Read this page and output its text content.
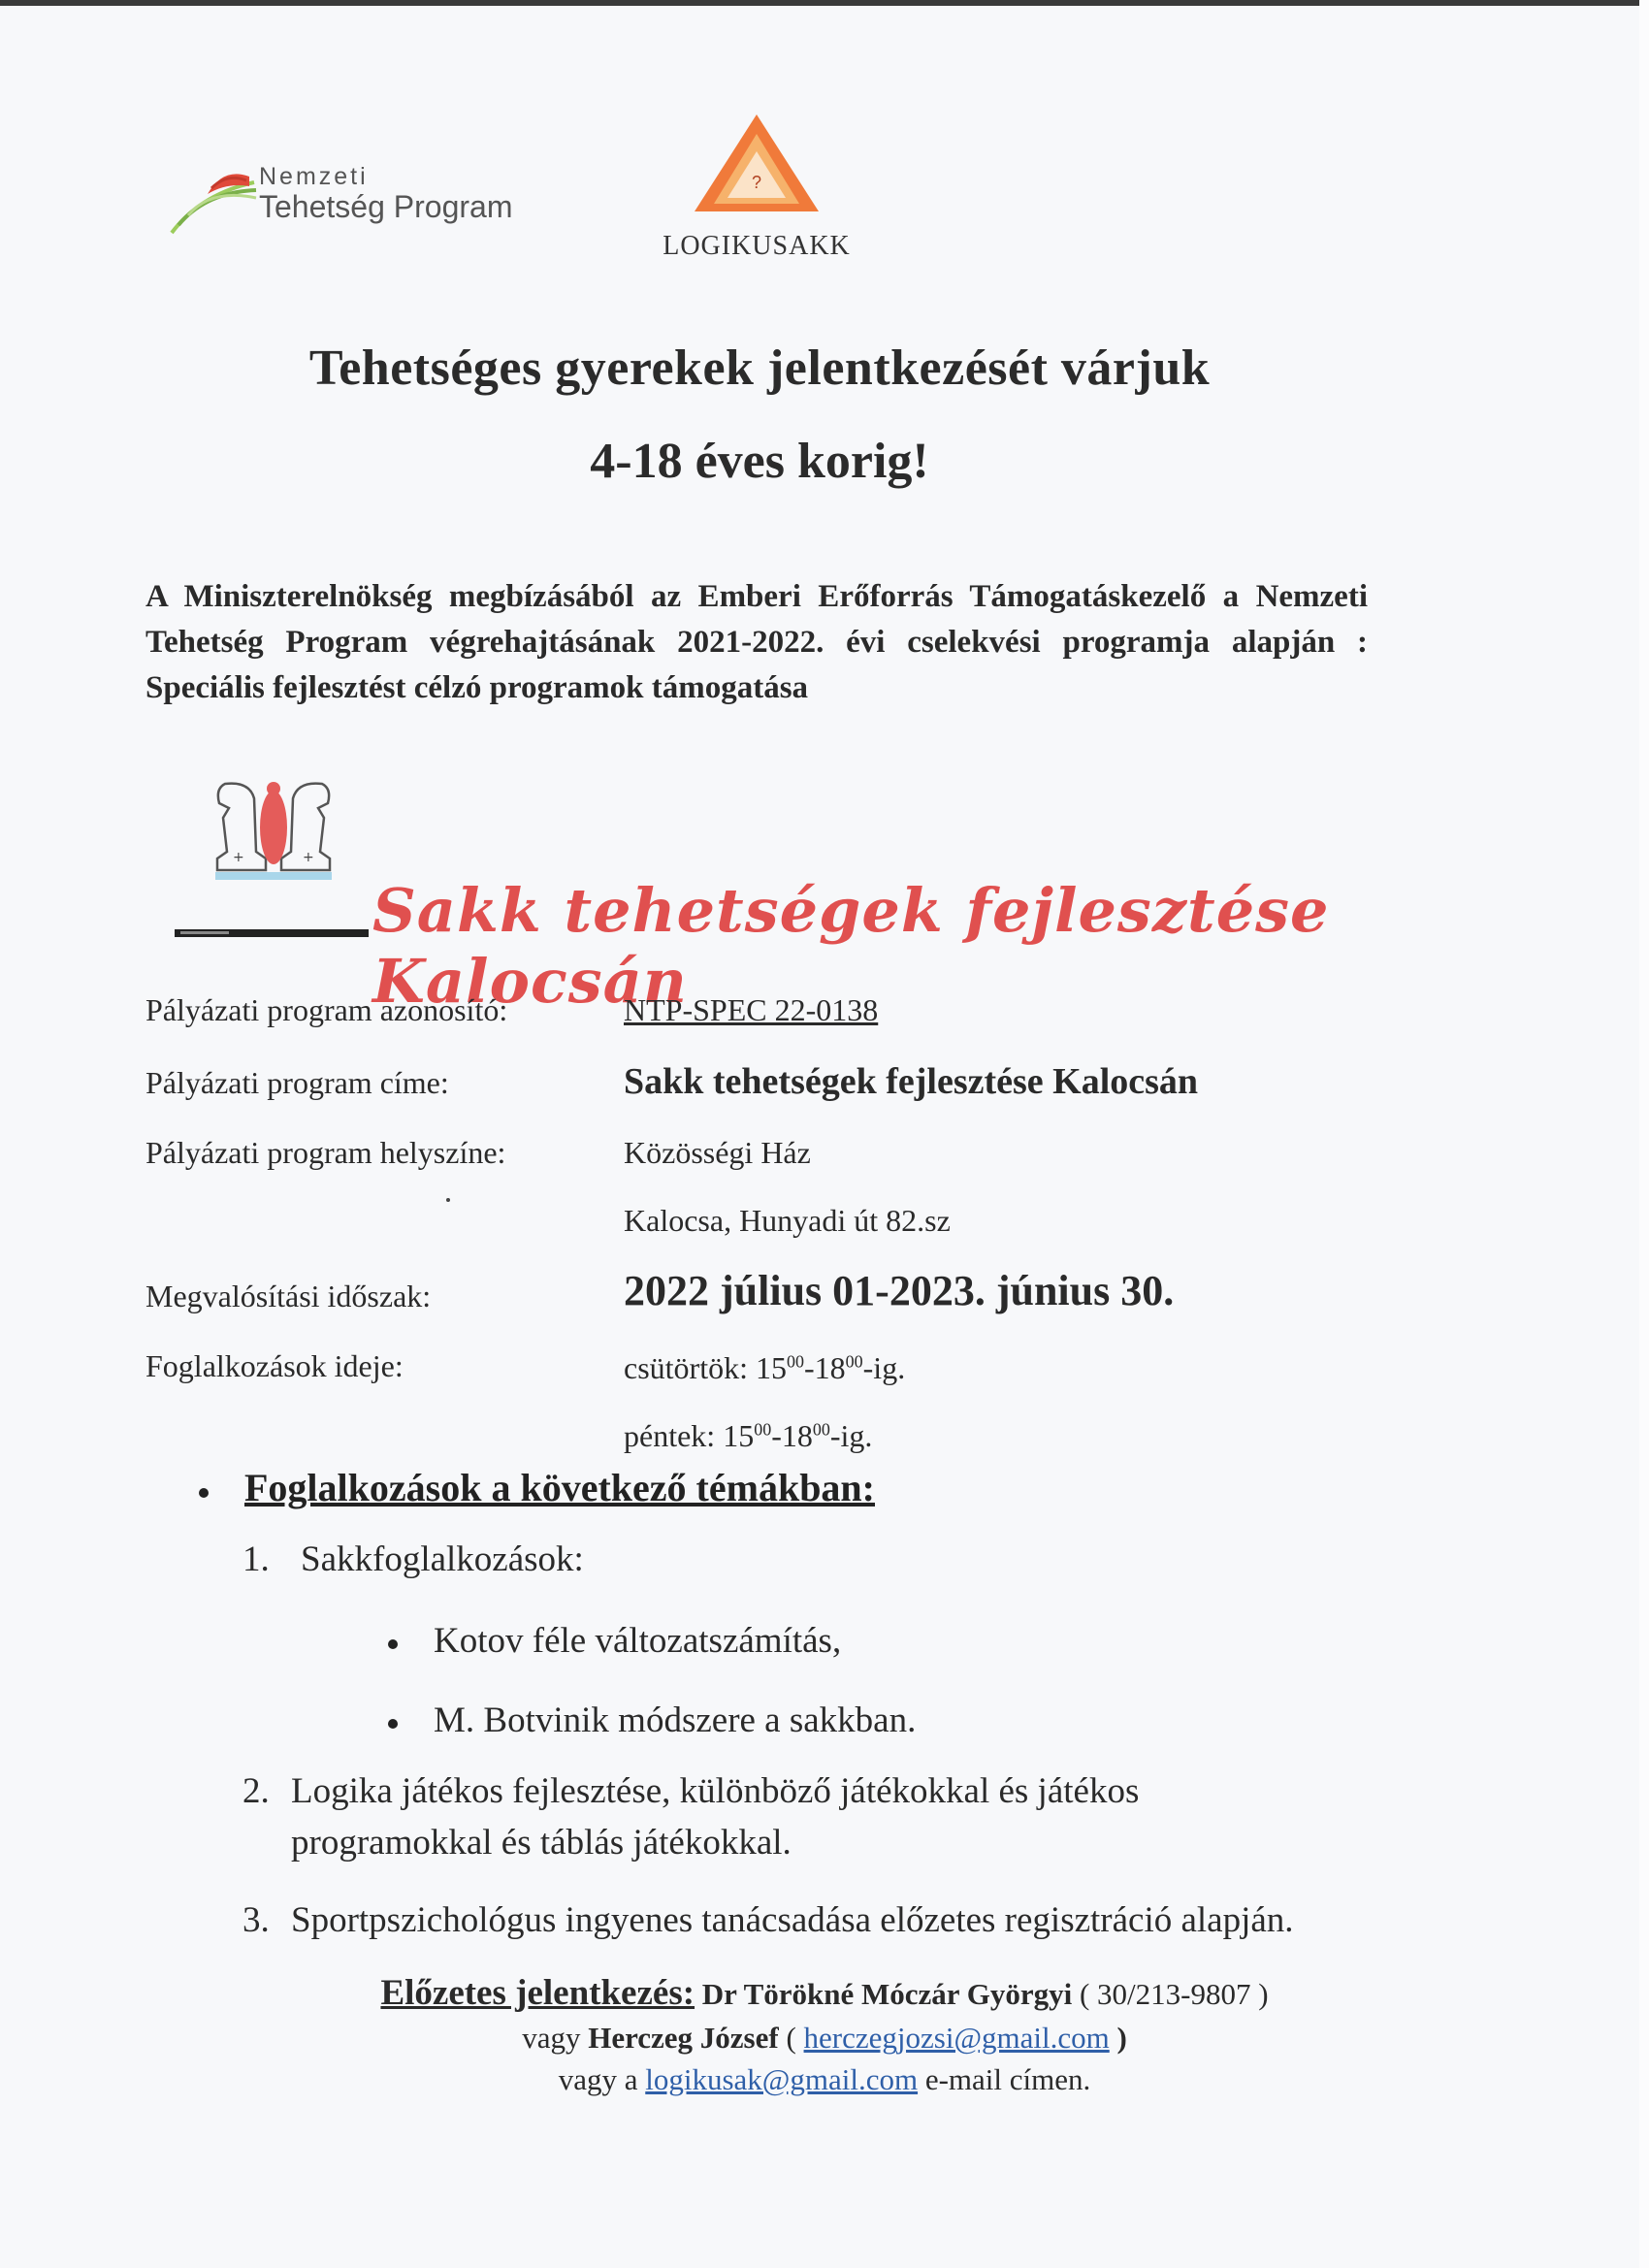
Nemzeti
Tehetség Program
?
LOGIKUSAKK
Tehetséges gyerekek jelentkezését várjuk
4-18 éves korig!
A Miniszterelnökség megbízásából az Emberi Erőforrás Támogatáskezelő a Nemzeti Tehetség Program végrehajtásának 2021-2022. évi cselekvési programja alapján : Speciális fejlesztést célzó programok támogatása
+	+
Sakk tehetségek fejlesztése Kalocsán
Pályázati program azonosító:	NTP-SPEC 22-0138
Pályázati program címe:	Sakk tehetségek fejlesztése Kalocsán
Pályázati program helyszíne:	Közösségi Ház
Kalocsa, Hunyadi út 82.sz
Megvalósítási időszak:	2022 július 01-2023. június 30.
Foglalkozások ideje:	csütörtök: $15^{00}-18^{00}-ig$.
péntek: $15^{00}-18^{00}-ig$.
Foglalkozások a következő témákban:
1. Sakkfoglalkozások:
Kotov féle változatszámítás,
M. Botvinik módszere a sakkban.
2. Logika játékos fejlesztése, különböző játékokkal és játékos
programokkal és táblás játékokkal.
3. Sportpszichológus ingyenes tanácsadása előzetes regisztráció alapján.
Előzetes jelentkezés: Dr Törökné Móczár Györgyi ( 30/213-9807 )
vagy Herczeg József ( herczegjozsi@gmail.com )
vagy a logikusak@gmail.com e-mail címen.
